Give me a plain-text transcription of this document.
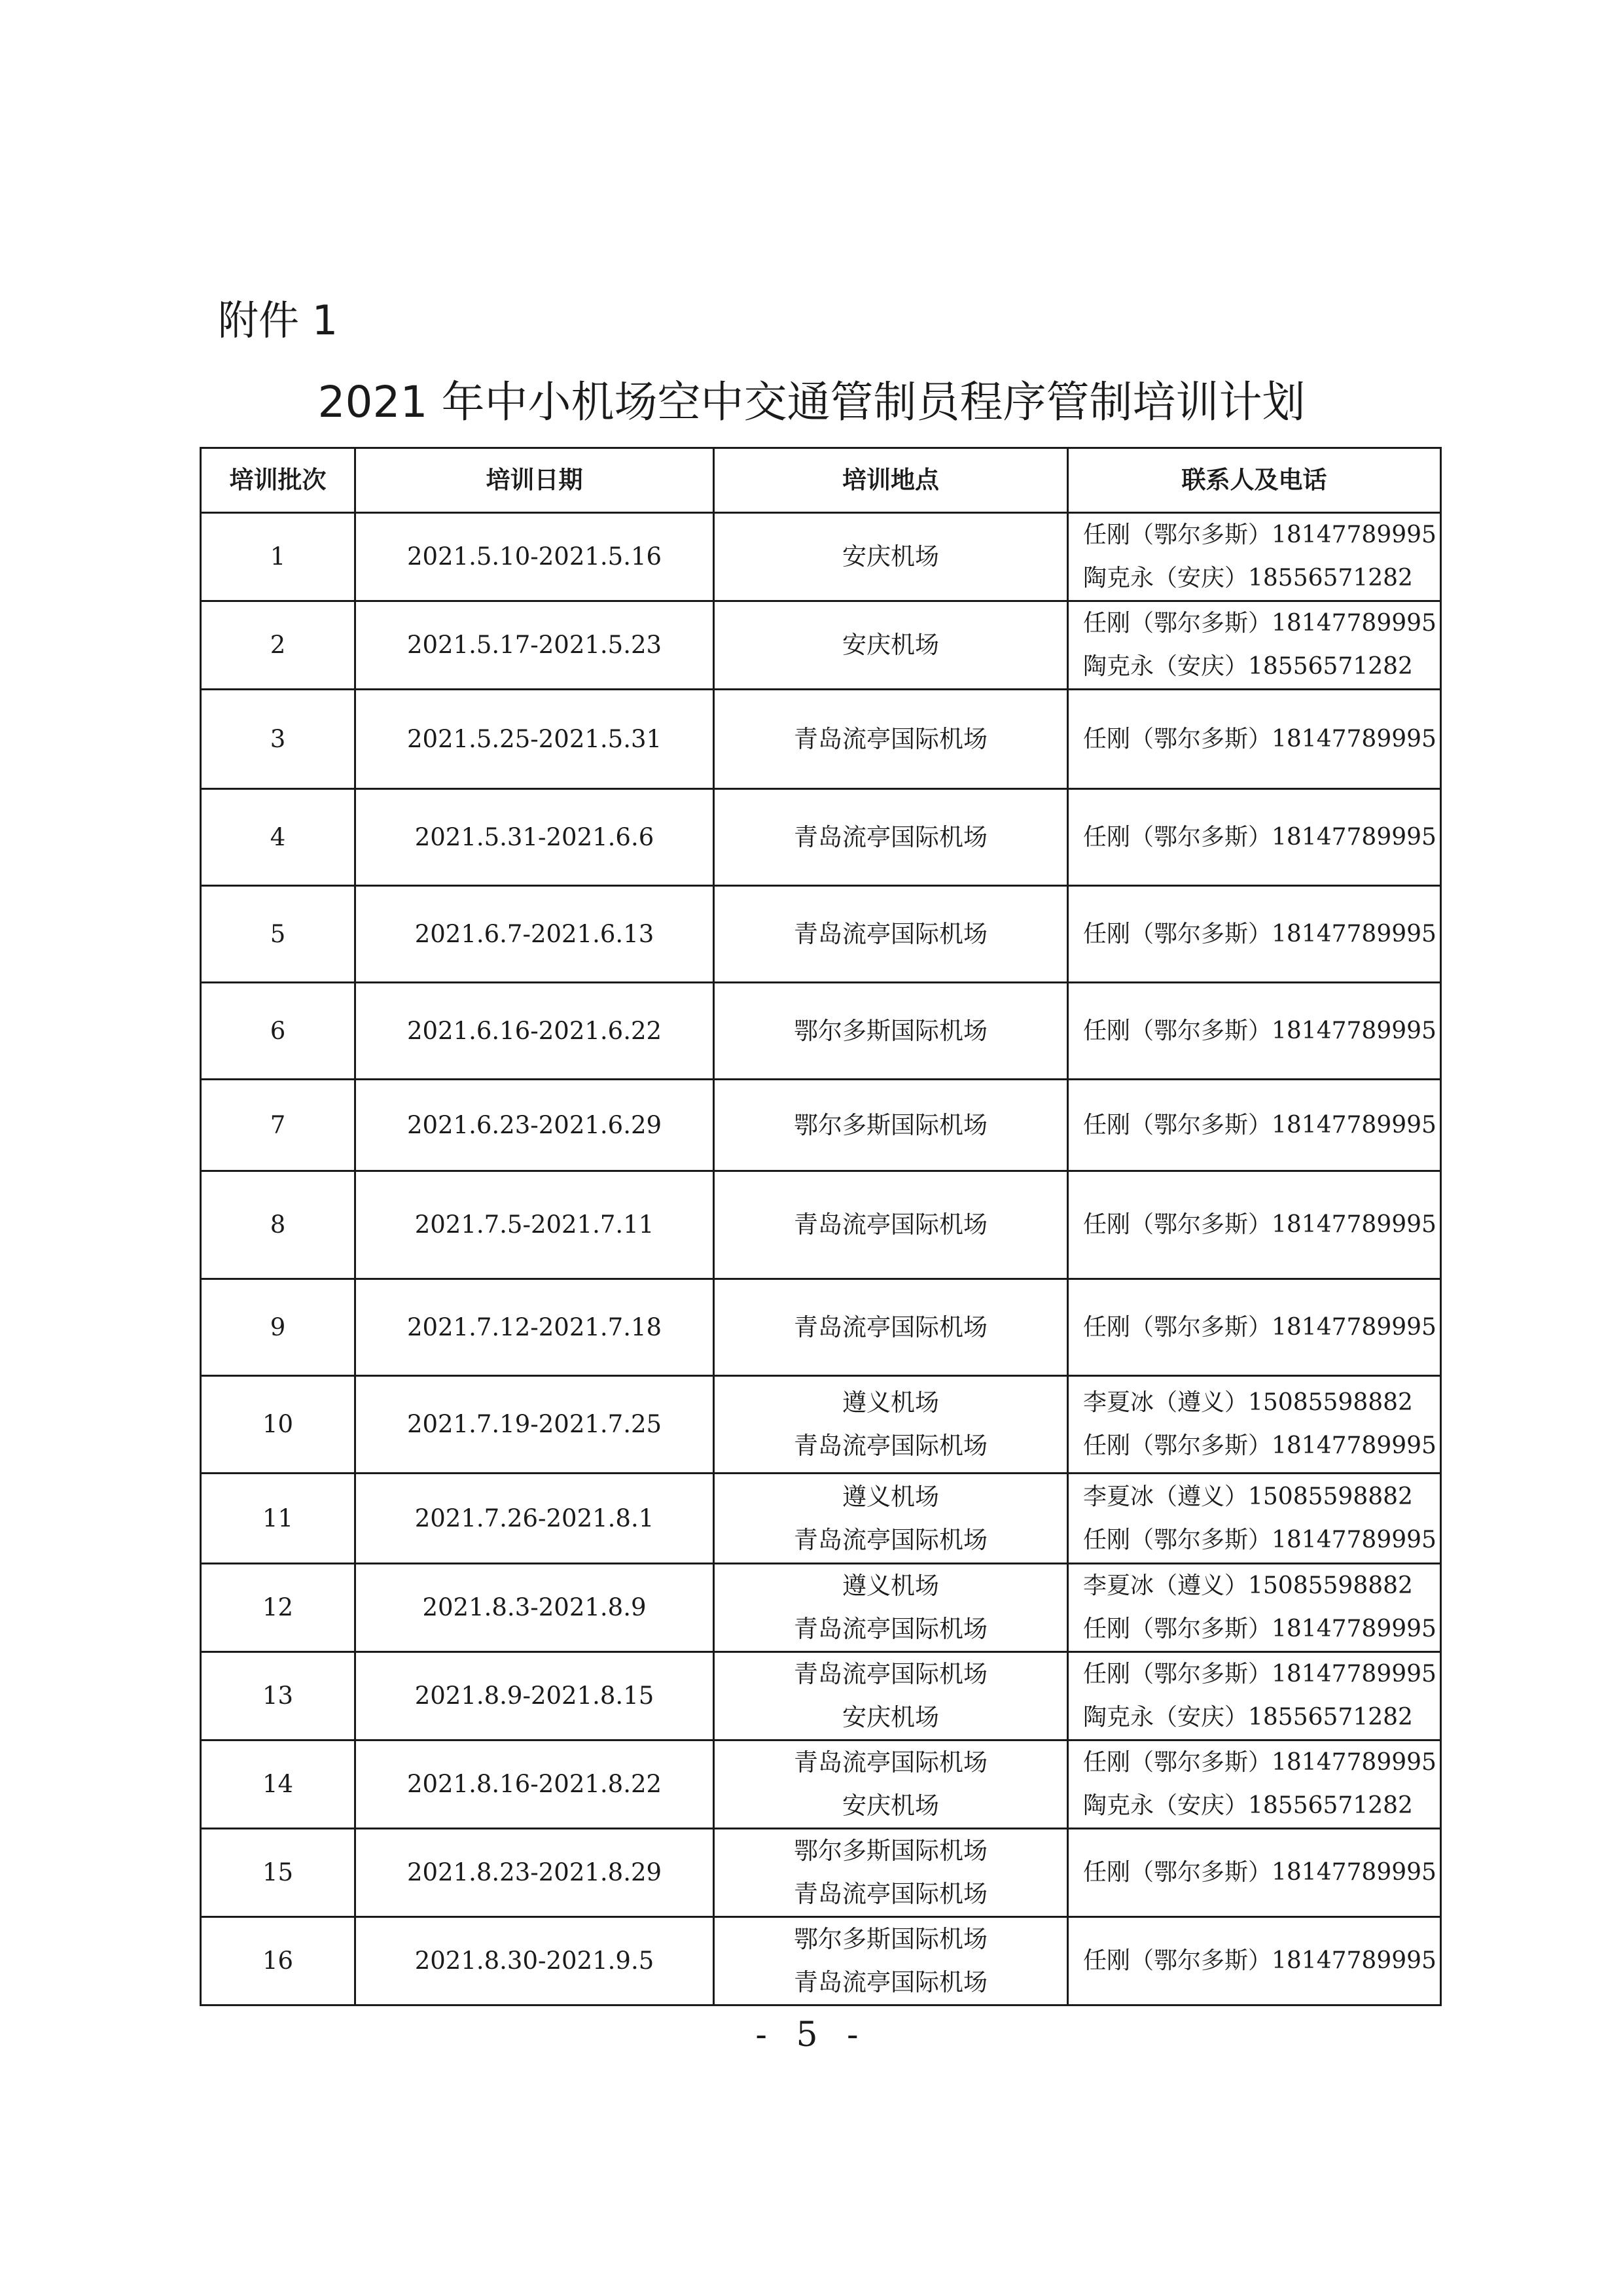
附件 1
2021 年中小机场空中交通管制员程序管制培训计划
培训批次	培训日期	培训地点	联系人及电话
1	2021.5.10-2021.5.16	安庆机场	任刚（鄂尔多斯）18147789995
陶克永（安庆）18556571282

2	2021.5.17-2021.5.23	安庆机场	任刚（鄂尔多斯）18147789995
陶克永（安庆）18556571282

3	2021.5.25-2021.5.31	青岛流亭国际机场	任刚（鄂尔多斯）18147789995

4	2021.5.31-2021.6.6	青岛流亭国际机场	任刚（鄂尔多斯）18147789995

5	2021.6.7-2021.6.13	青岛流亭国际机场	任刚（鄂尔多斯）18147789995

6	2021.6.16-2021.6.22	鄂尔多斯国际机场	任刚（鄂尔多斯）18147789995

7	2021.6.23-2021.6.29	鄂尔多斯国际机场	任刚（鄂尔多斯）18147789995

8	2021.7.5-2021.7.11	青岛流亭国际机场	任刚（鄂尔多斯）18147789995

9	2021.7.12-2021.7.18	青岛流亭国际机场	任刚（鄂尔多斯）18147789995

10	2021.7.19-2021.7.25	遵义机场
青岛流亭国际机场	李夏冰（遵义）15085598882
任刚（鄂尔多斯）18147789995

11	2021.7.26-2021.8.1	遵义机场
青岛流亭国际机场	李夏冰（遵义）15085598882
任刚（鄂尔多斯）18147789995

12	2021.8.3-2021.8.9	遵义机场
青岛流亭国际机场	李夏冰（遵义）15085598882
任刚（鄂尔多斯）18147789995

13	2021.8.9-2021.8.15	青岛流亭国际机场
安庆机场	任刚（鄂尔多斯）18147789995
陶克永（安庆）18556571282

14	2021.8.16-2021.8.22	青岛流亭国际机场
安庆机场	任刚（鄂尔多斯）18147789995
陶克永（安庆）18556571282

15	2021.8.23-2021.8.29	鄂尔多斯国际机场
青岛流亭国际机场	任刚（鄂尔多斯）18147789995

16	2021.8.30-2021.9.5	鄂尔多斯国际机场
青岛流亭国际机场	任刚（鄂尔多斯）18147789995
- 5 -
